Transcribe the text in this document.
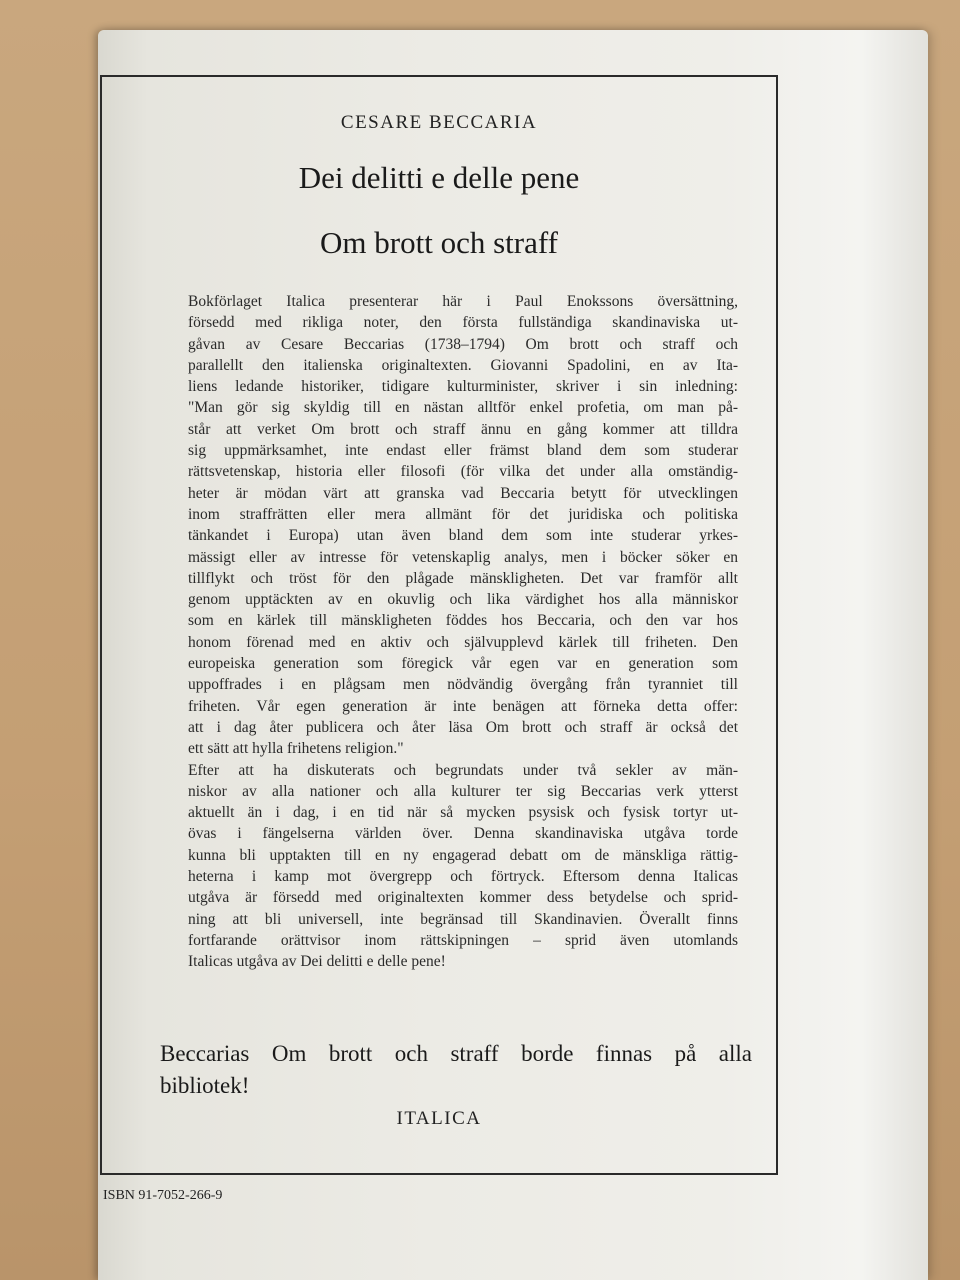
CESARE BECCARIA
Dei delitti e delle pene
Om brott och straff
Bokförlaget Italica presenterar här i Paul Enokssons översättning,
försedd med rikliga noter, den första fullständiga skandinaviska ut-
gåvan av Cesare Beccarias (1738–1794) Om brott och straff och
parallellt den italienska originaltexten. Giovanni Spadolini, en av Ita-
liens ledande historiker, tidigare kulturminister, skriver i sin inledning:
"Man gör sig skyldig till en nästan alltför enkel profetia, om man på-
står att verket Om brott och straff ännu en gång kommer att tilldra
sig uppmärksamhet, inte endast eller främst bland dem som studerar
rättsvetenskap, historia eller filosofi (för vilka det under alla omständig-
heter är mödan värt att granska vad Beccaria betytt för utvecklingen
inom straffrätten eller mera allmänt för det juridiska och politiska
tänkandet i Europa) utan även bland dem som inte studerar yrkes-
mässigt eller av intresse för vetenskaplig analys, men i böcker söker en
tillflykt och tröst för den plågade mänskligheten. Det var framför allt
genom upptäckten av en okuvlig och lika värdighet hos alla människor
som en kärlek till mänskligheten föddes hos Beccaria, och den var hos
honom förenad med en aktiv och självupplevd kärlek till friheten. Den
europeiska generation som föregick vår egen var en generation som
uppoffrades i en plågsam men nödvändig övergång från tyranniet till
friheten. Vår egen generation är inte benägen att förneka detta offer:
att i dag åter publicera och åter läsa Om brott och straff är också det
ett sätt att hylla frihetens religion."
Efter att ha diskuterats och begrundats under två sekler av män-
niskor av alla nationer och alla kulturer ter sig Beccarias verk ytterst
aktuellt än i dag, i en tid när så mycken psysisk och fysisk tortyr ut-
övas i fängelserna världen över. Denna skandinaviska utgåva torde
kunna bli upptakten till en ny engagerad debatt om de mänskliga rättig-
heterna i kamp mot övergrepp och förtryck. Eftersom denna Italicas
utgåva är försedd med originaltexten kommer dess betydelse och sprid-
ning att bli universell, inte begränsad till Skandinavien. Överallt finns
fortfarande orättvisor inom rättskipningen – sprid även utomlands
Italicas utgåva av Dei delitti e delle pene!
Beccarias Om brott och straff borde finnas på alla
bibliotek!
ITALICA
ISBN 91-7052-266-9
